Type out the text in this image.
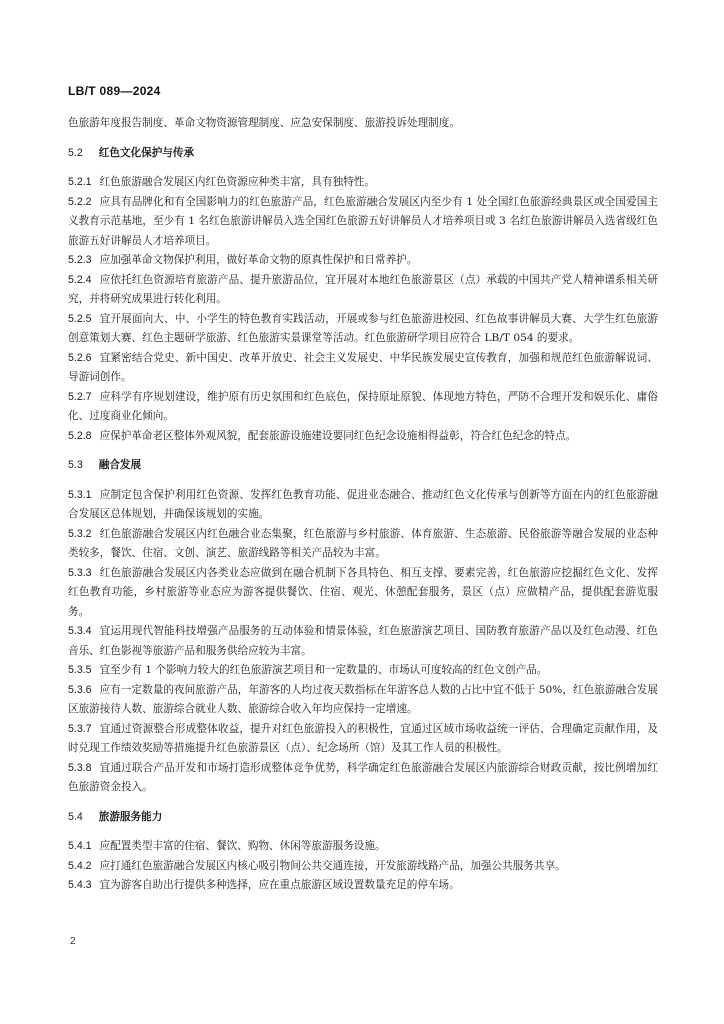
LB/T 089—2024

色旅游年度报告制度、革命文物资源管理制度、应急安保制度、旅游投诉处理制度。

5.2 红色文化保护与传承

5.2.1 红色旅游融合发展区内红色资源应种类丰富，具有独特性。

5.2.2 应具有品牌化和有全国影响力的红色旅游产品，红色旅游融合发展区内至少有 1 处全国红色旅游经典景区或全国爱国主义教育示范基地，至少有 1 名红色旅游讲解员入选全国红色旅游五好讲解员人才培养项目或 3 名红色旅游讲解员入选省级红色旅游五好讲解员人才培养项目。

5.2.3 应加强革命文物保护利用，做好革命文物的原真性保护和日常养护。

5.2.4 应依托红色资源培育旅游产品、提升旅游品位，宜开展对本地红色旅游景区（点）承载的中国共产党人精神谱系相关研究，并将研究成果进行转化利用。

5.2.5 宜开展面向大、中、小学生的特色教育实践活动，开展或参与红色旅游进校园、红色故事讲解员大赛、大学生红色旅游创意策划大赛、红色主题研学旅游、红色旅游实景课堂等活动。红色旅游研学项目应符合 LB/T 054 的要求。

5.2.6 宜紧密结合党史、新中国史、改革开放史、社会主义发展史、中华民族发展史宣传教育，加强和规范红色旅游解说词、导游词创作。

5.2.7 应科学有序规划建设，维护原有历史氛围和红色底色，保持原址原貌、体现地方特色，严防不合理开发和娱乐化、庸俗化、过度商业化倾向。

5.2.8 应保护革命老区整体外观风貌，配套旅游设施建设要同红色纪念设施相得益彰，符合红色纪念的特点。

5.3 融合发展

5.3.1 应制定包含保护利用红色资源、发挥红色教育功能、促进业态融合、推动红色文化传承与创新等方面在内的红色旅游融合发展区总体规划，并确保该规划的实施。

5.3.2 红色旅游融合发展区内红色融合业态集聚，红色旅游与乡村旅游、体育旅游、生态旅游、民俗旅游等融合发展的业态种类较多，餐饮、住宿、文创、演艺、旅游线路等相关产品较为丰富。

5.3.3 红色旅游融合发展区内各类业态应做到在融合机制下各具特色、相互支撑、要素完善，红色旅游应挖掘红色文化、发挥红色教育功能，乡村旅游等业态应为游客提供餐饮、住宿、观光、休憩配套服务，景区（点）应做精产品，提供配套游览服务。

5.3.4 宜运用现代智能科技增强产品服务的互动体验和情景体验，红色旅游演艺项目、国防教育旅游产品以及红色动漫、红色音乐、红色影视等旅游产品和服务供给应较为丰富。

5.3.5 宜至少有 1 个影响力较大的红色旅游演艺项目和一定数量的、市场认可度较高的红色文创产品。

5.3.6 应有一定数量的夜间旅游产品，年游客的人均过夜天数指标在年游客总人数的占比中宜不低于 50%，红色旅游融合发展区旅游接待人数、旅游综合就业人数、旅游综合收入年均应保持一定增速。

5.3.7 宜通过资源整合形成整体收益，提升对红色旅游投入的积极性，宜通过区域市场收益统一评估、合理确定贡献作用，及时兑现工作绩效奖励等措施提升红色旅游景区（点）、纪念场所（馆）及其工作人员的积极性。

5.3.8 宜通过联合产品开发和市场打造形成整体竞争优势，科学确定红色旅游融合发展区内旅游综合财政贡献，按比例增加红色旅游资金投入。

5.4 旅游服务能力

5.4.1 应配置类型丰富的住宿、餐饮、购物、休闲等旅游服务设施。

5.4.2 应打通红色旅游融合发展区内核心吸引物间公共交通连接，开发旅游线路产品，加强公共服务共享。

5.4.3 宜为游客自助出行提供多种选择，应在重点旅游区域设置数量充足的停车场。

2
